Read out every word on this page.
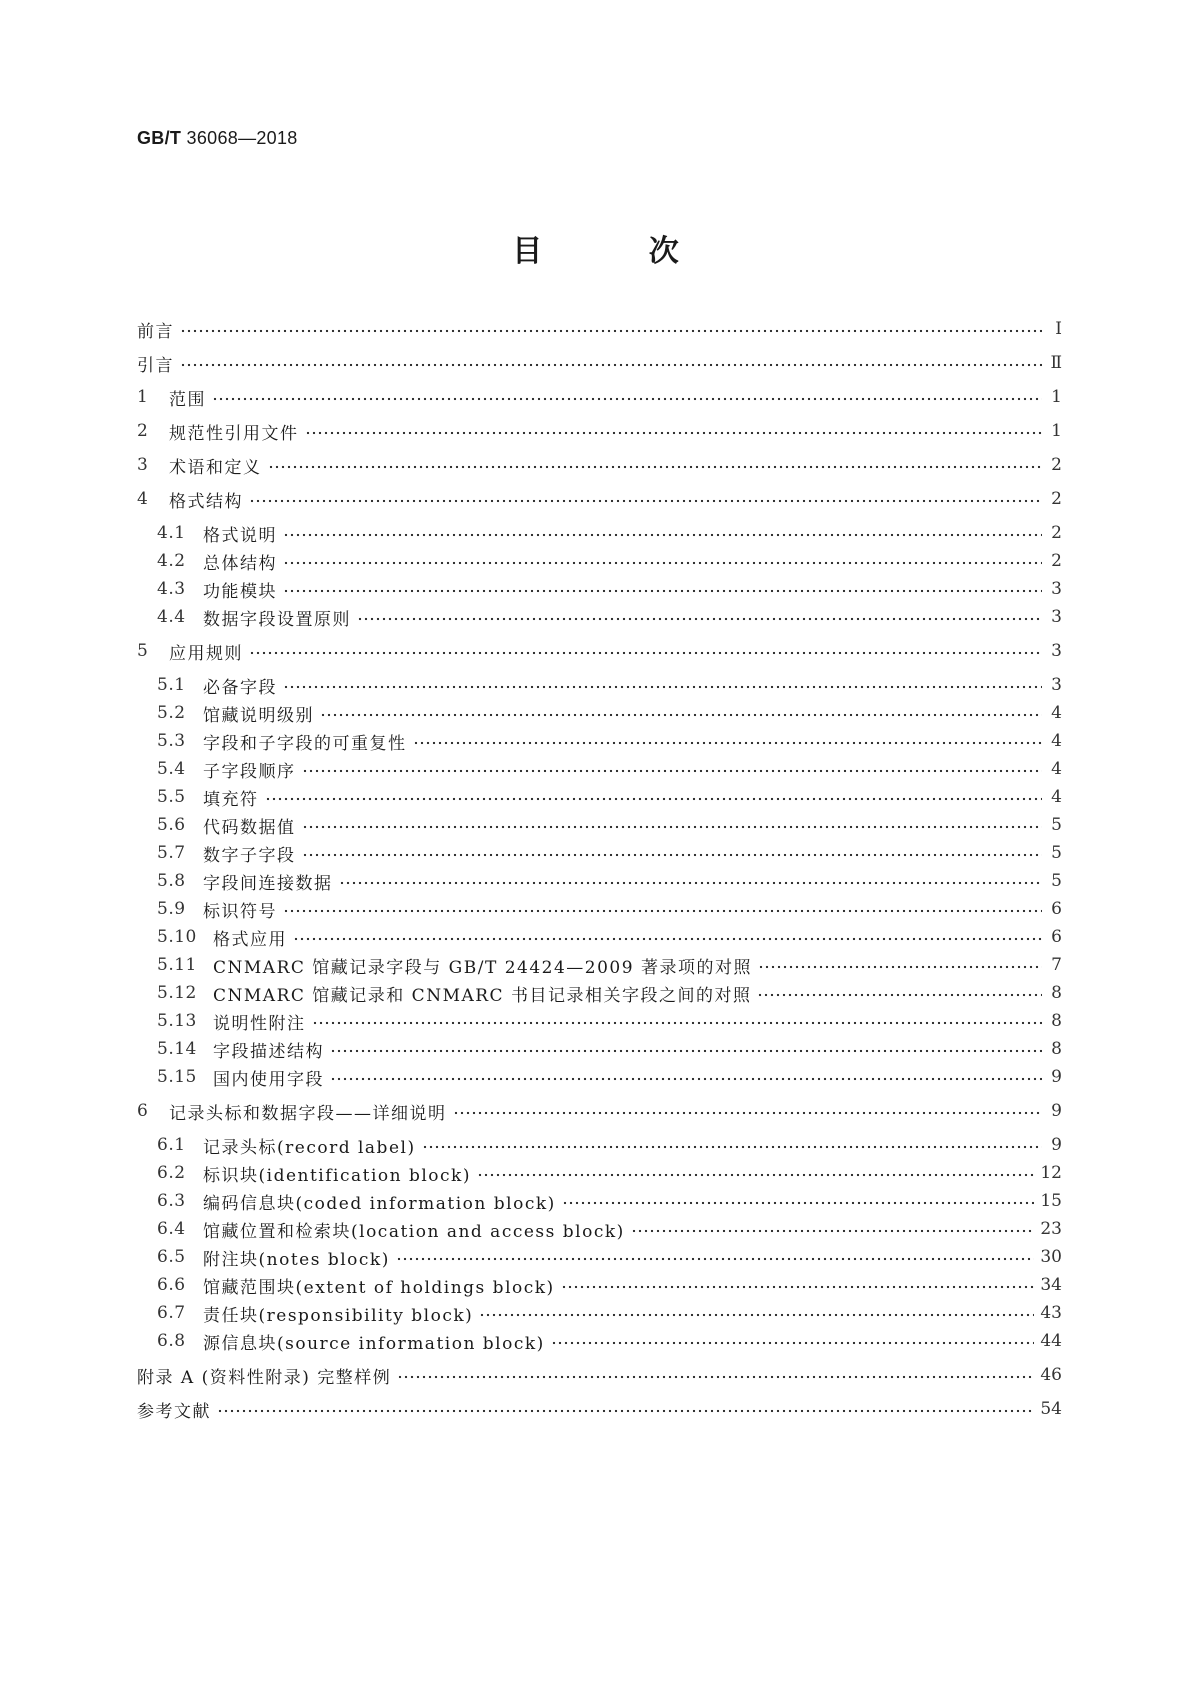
GB/T 36068—2018
目 次
前言	Ⅰ
引言	Ⅱ
1	范围	1
2	规范性引用文件	1
3	术语和定义	2
4	格式结构	2
4.1	格式说明	2
4.2	总体结构	2
4.3	功能模块	3
4.4	数据字段设置原则	3
5	应用规则	3
5.1	必备字段	3
5.2	馆藏说明级别	4
5.3	字段和子字段的可重复性	4
5.4	子字段顺序	4
5.5	填充符	4
5.6	代码数据值	5
5.7	数字子字段	5
5.8	字段间连接数据	5
5.9	标识符号	6
5.10 格式应用	6
5.11 CNMARC 馆藏记录字段与 GB/T 24424—2009 著录项的对照	7
5.12 CNMARC 馆藏记录和 CNMARC 书目记录相关字段之间的对照	8
5.13 说明性附注	8
5.14 字段描述结构	8
5.15 国内使用字段	9
6	记录头标和数据字段——详细说明	9
6.1	记录头标(record label)	9
6.2	标识块(identification block)	12
6.3	编码信息块(coded information block)	15
6.4	馆藏位置和检索块(location and access block)	23
6.5	附注块(notes block)	30
6.6	馆藏范围块(extent of holdings block)	34
6.7	责任块(responsibility block)	43
6.8	源信息块(source information block)	44
附录 A (资料性附录) 完整样例	46
参考文献	54
